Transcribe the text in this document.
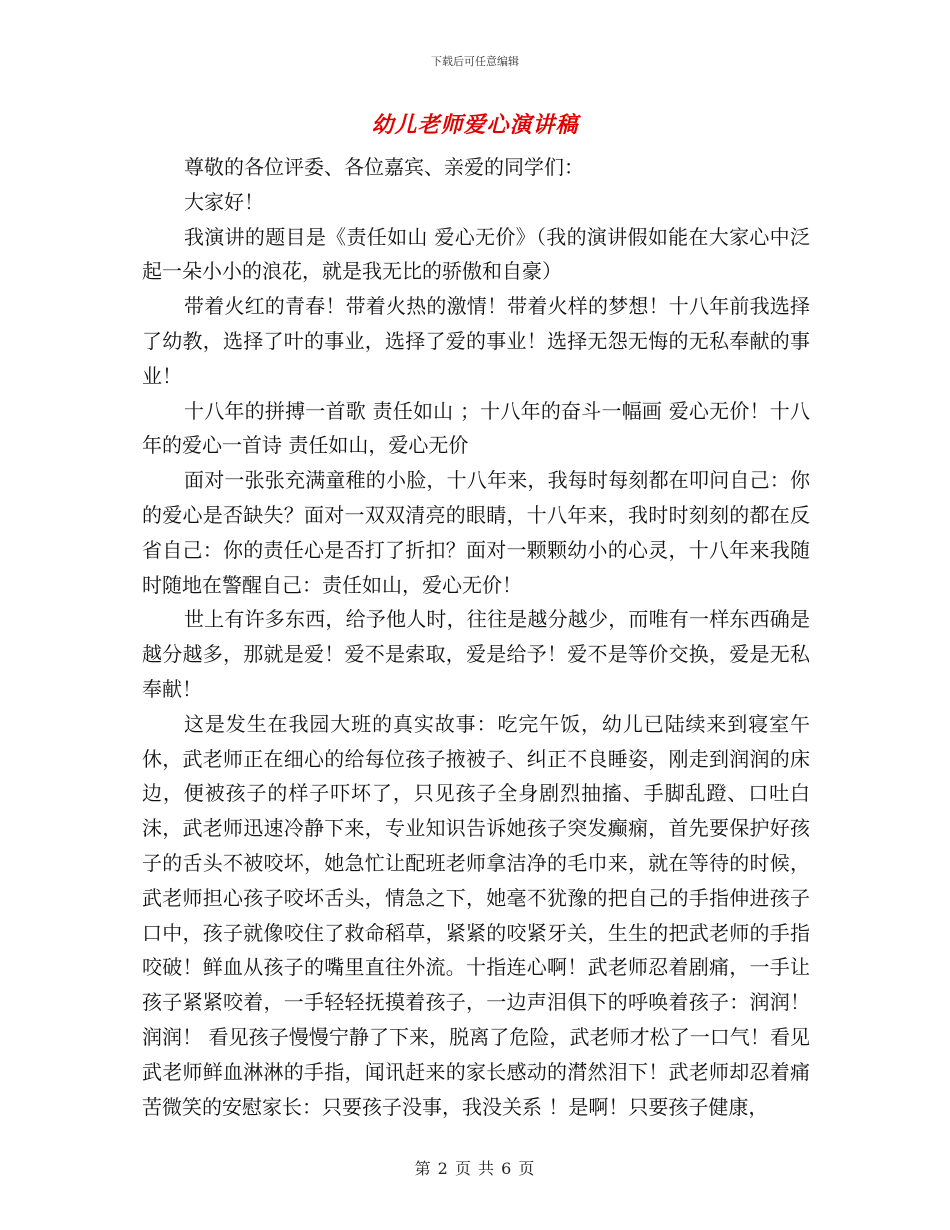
下载后可任意编辑
幼儿老师爱心演讲稿

尊敬的各位评委、各位嘉宾、亲爱的同学们：

大家好！

我演讲的题目是《责任如山 爱心无价》（我的演讲假如能在大家心中泛起一朵小小的浪花，就是我无比的骄傲和自豪）

带着火红的青春！带着火热的激情！带着火样的梦想！十八年前我选择了幼教，选择了叶的事业，选择了爱的事业！选择无怨无悔的无私奉献的事业！

十八年的拼搏一首歌 责任如山 ；十八年的奋斗一幅画 爱心无价！十八年的爱心一首诗 责任如山，爱心无价

面对一张张充满童稚的小脸，十八年来，我每时每刻都在叩问自己：你的爱心是否缺失？面对一双双清亮的眼睛，十八年来，我时时刻刻的都在反省自己：你的责任心是否打了折扣？面对一颗颗幼小的心灵，十八年来我随时随地在警醒自己：责任如山，爱心无价！

世上有许多东西，给予他人时，往往是越分越少，而唯有一样东西确是越分越多，那就是爱！爱不是索取，爱是给予！爱不是等价交换，爱是无私奉献！

这是发生在我园大班的真实故事：吃完午饭，幼儿已陆续来到寝室午休，武老师正在细心的给每位孩子掖被子、纠正不良睡姿，刚走到润润的床边，便被孩子的样子吓坏了，只见孩子全身剧烈抽搐、手脚乱蹬、口吐白沫，武老师迅速冷静下来，专业知识告诉她孩子突发癫痫，首先要保护好孩子的舌头不被咬坏，她急忙让配班老师拿洁净的毛巾来，就在等待的时候，武老师担心孩子咬坏舌头，情急之下，她毫不犹豫的把自己的手指伸进孩子口中，孩子就像咬住了救命稻草，紧紧的咬紧牙关，生生的把武老师的手指咬破！鲜血从孩子的嘴里直往外流。十指连心啊！武老师忍着剧痛，一手让孩子紧紧咬着，一手轻轻抚摸着孩子，一边声泪俱下的呼唤着孩子：润润！润润！ 看见孩子慢慢宁静了下来，脱离了危险，武老师才松了一口气！看见武老师鲜血淋淋的手指，闻讯赶来的家长感动的潸然泪下！武老师却忍着痛苦微笑的安慰家长：只要孩子没事，我没关系 ！是啊！只要孩子健康，

第 2 页 共 6 页
